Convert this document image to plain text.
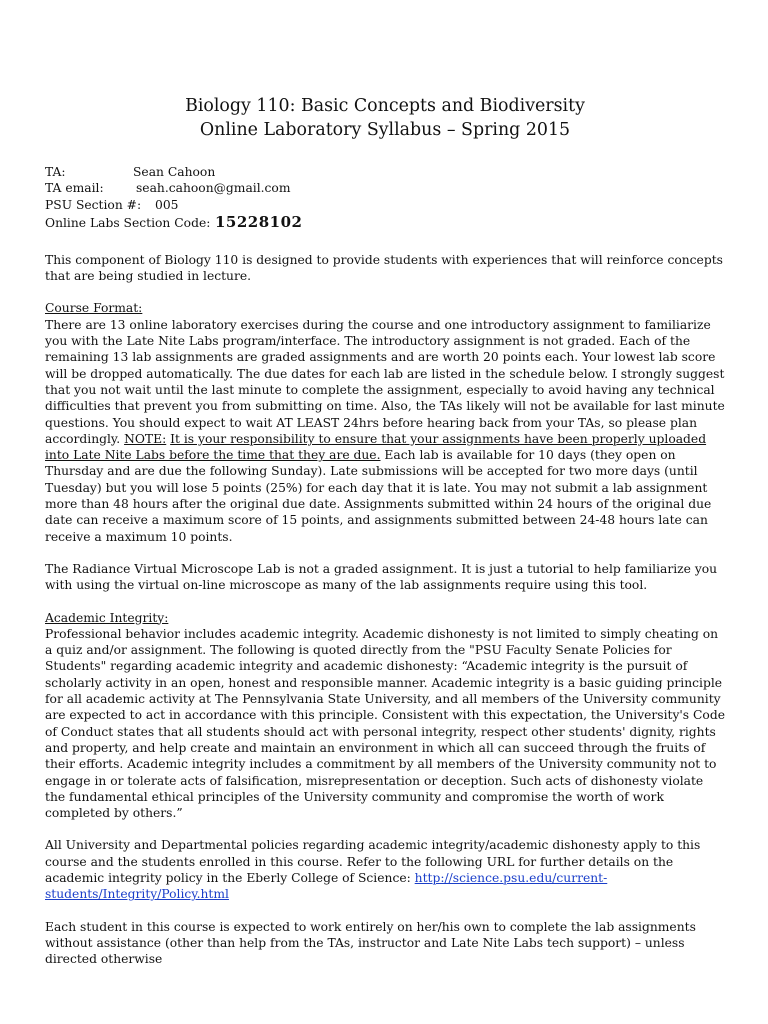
Biology 110: Basic Concepts and Biodiversity
Online Laboratory Syllabus – Spring 2015
TA:	Sean Cahoon
TA email:	seah.cahoon@gmail.com
PSU Section #:	005
Online Labs Section Code: 15228102

This component of Biology 110 is designed to provide students with experiences that will reinforce concepts that are being studied in lecture.

Course Format:

There are 13 online laboratory exercises during the course and one introductory assignment to familiarize you with the Late Nite Labs program/interface. The introductory assignment is not graded. Each of the remaining 13 lab assignments are graded assignments and are worth 20 points each. Your lowest lab score will be dropped automatically. The due dates for each lab are listed in the schedule below. I strongly suggest that you not wait until the last minute to complete the assignment, especially to avoid having any technical difficulties that prevent you from submitting on time. Also, the TAs likely will not be available for last minute questions. You should expect to wait AT LEAST 24hrs before hearing back from your TAs, so please plan accordingly. NOTE: It is your responsibility to ensure that your assignments have been properly uploaded into Late Nite Labs before the time that they are due. Each lab is available for 10 days (they open on Thursday and are due the following Sunday). Late submissions will be accepted for two more days (until Tuesday) but you will lose 5 points (25%) for each day that it is late. You may not submit a lab assignment more than 48 hours after the original due date. Assignments submitted within 24 hours of the original due date can receive a maximum score of 15 points, and assignments submitted between 24-48 hours late can receive a maximum 10 points.

The Radiance Virtual Microscope Lab is not a graded assignment. It is just a tutorial to help familiarize you with using the virtual on-line microscope as many of the lab assignments require using this tool.

Academic Integrity:

Professional behavior includes academic integrity. Academic dishonesty is not limited to simply cheating on a quiz and/or assignment. The following is quoted directly from the "PSU Faculty Senate Policies for Students" regarding academic integrity and academic dishonesty: “Academic integrity is the pursuit of scholarly activity in an open, honest and responsible manner. Academic integrity is a basic guiding principle for all academic activity at The Pennsylvania State University, and all members of the University community are expected to act in accordance with this principle. Consistent with this expectation, the University's Code of Conduct states that all students should act with personal integrity, respect other students' dignity, rights and property, and help create and maintain an environment in which all can succeed through the fruits of their efforts. Academic integrity includes a commitment by all members of the University community not to engage in or tolerate acts of falsification, misrepresentation or deception. Such acts of dishonesty violate the fundamental ethical principles of the University community and compromise the worth of work completed by others.”

All University and Departmental policies regarding academic integrity/academic dishonesty apply to this course and the students enrolled in this course. Refer to the following URL for further details on the academic integrity policy in the Eberly College of Science: http://science.psu.edu/current-students/Integrity/Policy.html

Each student in this course is expected to work entirely on her/his own to complete the lab assignments without assistance (other than help from the TAs, instructor and Late Nite Labs tech support) – unless directed otherwise
